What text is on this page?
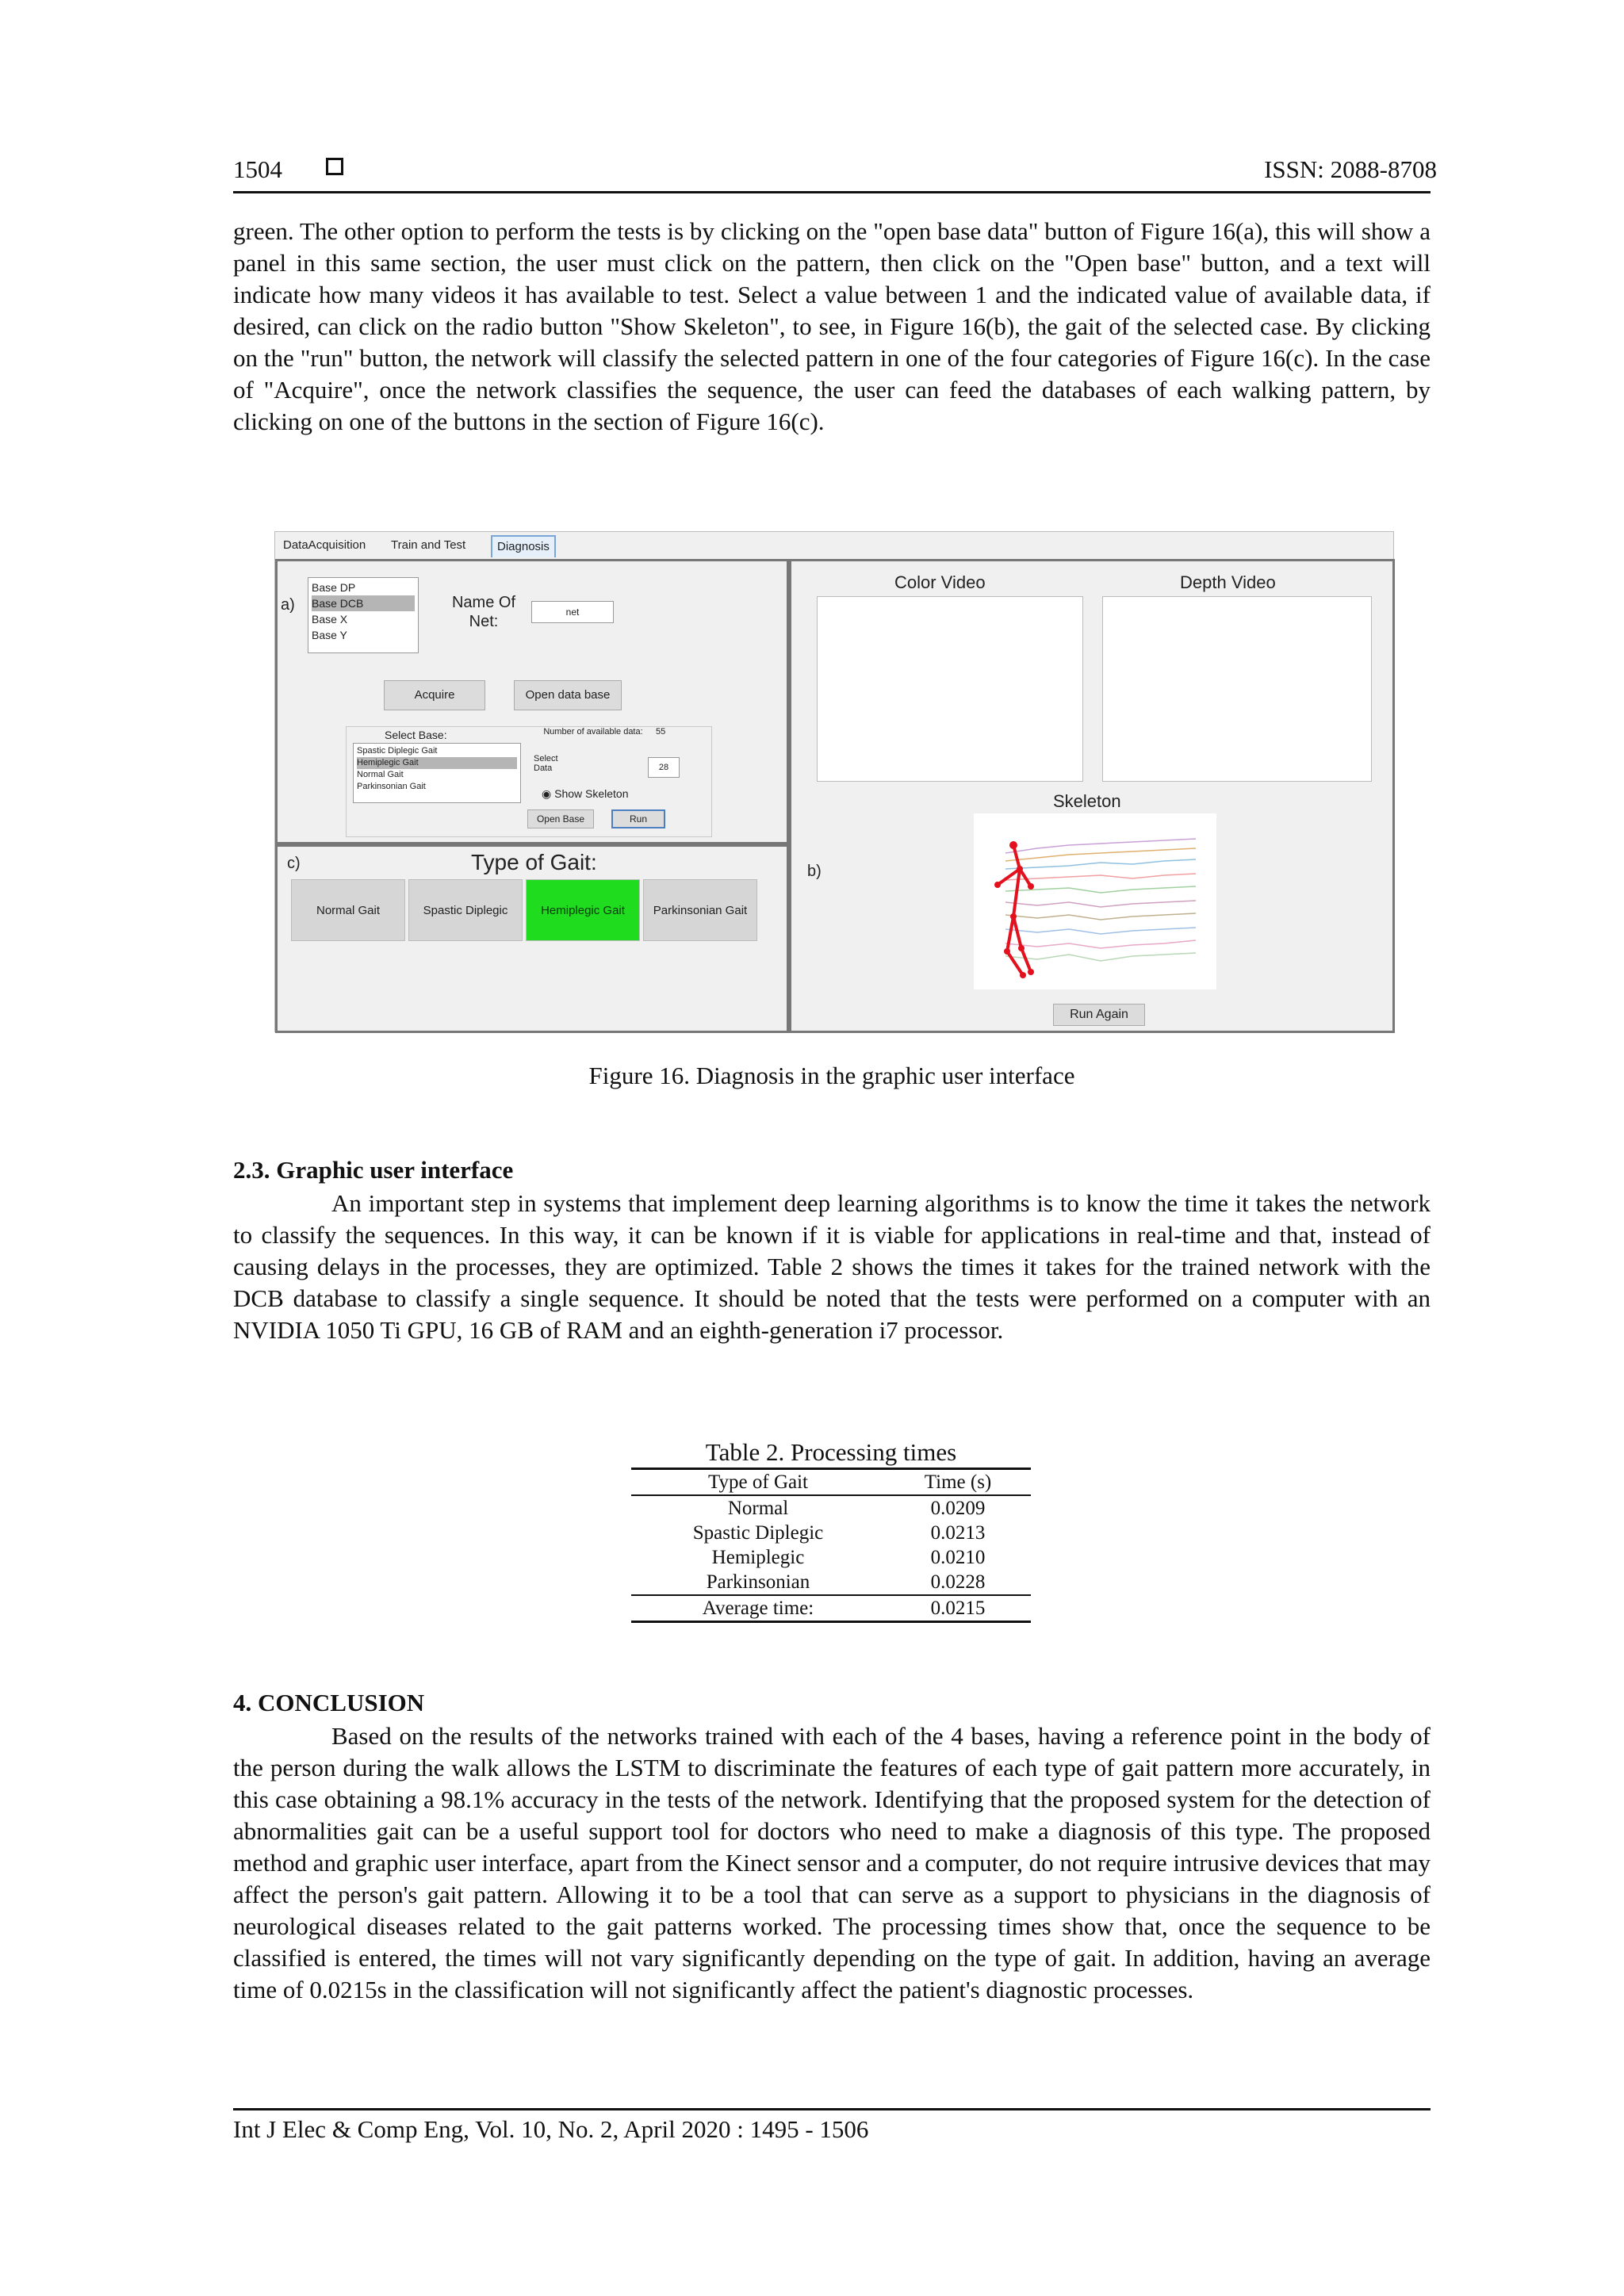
1504	ISSN: 2088-8708

green. The other option to perform the tests is by clicking on the "open base data" button of Figure 16(a), this will show a panel in this same section, the user must click on the pattern, then click on the "Open base" button, and a text will indicate how many videos it has available to test. Select a value between 1 and the indicated value of available data, if desired, can click on the radio button "Show Skeleton", to see, in Figure 16(b), the gait of the selected case. By clicking on the "run" button, the network will classify the selected pattern in one of the four categories of Figure 16(c). In the case of "Acquire", once the network classifies the sequence, the user can feed the databases of each walking pattern, by clicking on one of the buttons in the section of Figure 16(c).

DataAcquisition	Train and Test	Diagnosis
a)
Base DP
Base DCB
Base X
Base Y
Name Of Net:
net
Acquire	Open data base
Select Base:
Spastic Diplegic Gait
Hemiplegic Gait
Normal Gait
Parkinsonian Gait
Number of available data:	55
Select Data	28
◉ Show Skeleton
Open Base	Run
c)	Type of Gait:
Normal Gait	Spastic Diplegic	Hemiplegic Gait	Parkinsonian Gait
Color Video	Depth Video
Skeleton
b)
Run Again
Figure 16. Diagnosis in the graphic user interface

2.3. Graphic user interface

An important step in systems that implement deep learning algorithms is to know the time it takes the network to classify the sequences. In this way, it can be known if it is viable for applications in real-time and that, instead of causing delays in the processes, they are optimized. Table 2 shows the times it takes for the trained network with the DCB database to classify a single sequence. It should be noted that the tests were performed on a computer with an NVIDIA 1050 Ti GPU, 16 GB of RAM and an eighth-generation i7 processor.

Table 2. Processing times
Type of Gait	Time (s)
Normal	0.0209
Spastic Diplegic	0.0213
Hemiplegic	0.0210
Parkinsonian	0.0228
Average time:	0.0215

4. CONCLUSION

Based on the results of the networks trained with each of the 4 bases, having a reference point in the body of the person during the walk allows the LSTM to discriminate the features of each type of gait pattern more accurately, in this case obtaining a 98.1% accuracy in the tests of the network. Identifying that the proposed system for the detection of abnormalities gait can be a useful support tool for doctors who need to make a diagnosis of this type. The proposed method and graphic user interface, apart from the Kinect sensor and a computer, do not require intrusive devices that may affect the person's gait pattern. Allowing it to be a tool that can serve as a support to physicians in the diagnosis of neurological diseases related to the gait patterns worked. The processing times show that, once the sequence to be classified is entered, the times will not vary significantly depending on the type of gait. In addition, having an average time of 0.0215s in the classification will not significantly affect the patient's diagnostic processes.

Int J Elec & Comp Eng, Vol. 10, No. 2, April 2020 : 1495 - 1506
